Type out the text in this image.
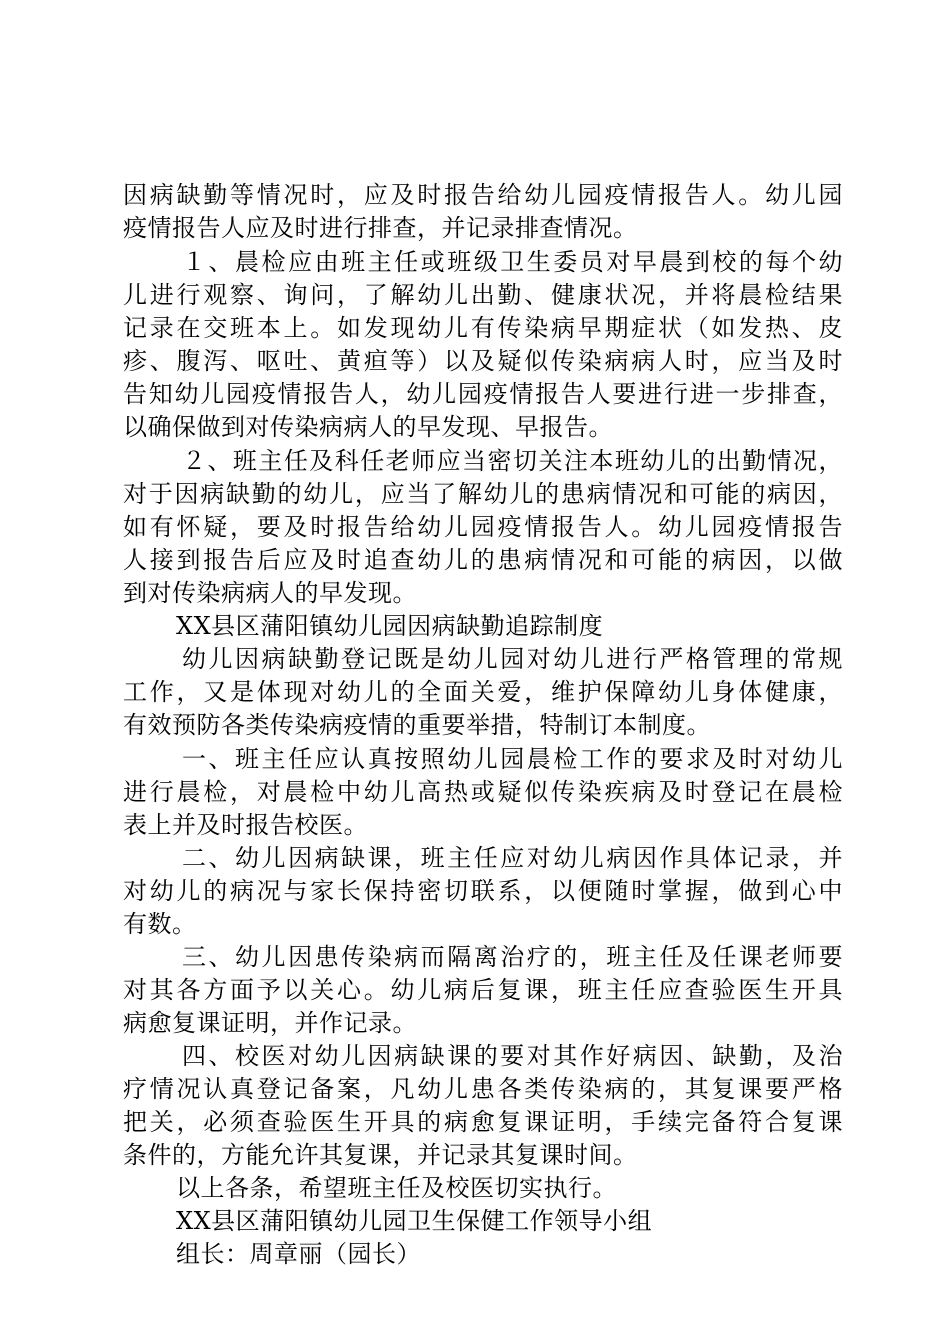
因病缺勤等情况时，应及时报告给幼儿园疫情报告人。幼儿园
疫情报告人应及时进行排查，并记录排查情况。
１、晨检应由班主任或班级卫生委员对早晨到校的每个幼
儿进行观察、询问，了解幼儿出勤、健康状况，并将晨检结果
记录在交班本上。如发现幼儿有传染病早期症状（如发热、皮
疹、腹泻、呕吐、黄疸等）以及疑似传染病病人时，应当及时
告知幼儿园疫情报告人，幼儿园疫情报告人要进行进一步排查，
以确保做到对传染病病人的早发现、早报告。
２、班主任及科任老师应当密切关注本班幼儿的出勤情况，
对于因病缺勤的幼儿，应当了解幼儿的患病情况和可能的病因，
如有怀疑，要及时报告给幼儿园疫情报告人。幼儿园疫情报告
人接到报告后应及时追查幼儿的患病情况和可能的病因，以做
到对传染病病人的早发现。
XX县区蒲阳镇幼儿园因病缺勤追踪制度
幼儿因病缺勤登记既是幼儿园对幼儿进行严格管理的常规
工作，又是体现对幼儿的全面关爱，维护保障幼儿身体健康，
有效预防各类传染病疫情的重要举措，特制订本制度。
一、班主任应认真按照幼儿园晨检工作的要求及时对幼儿
进行晨检，对晨检中幼儿高热或疑似传染疾病及时登记在晨检
表上并及时报告校医。
二、幼儿因病缺课，班主任应对幼儿病因作具体记录，并
对幼儿的病况与家长保持密切联系，以便随时掌握，做到心中
有数。
三、幼儿因患传染病而隔离治疗的，班主任及任课老师要
对其各方面予以关心。幼儿病后复课，班主任应查验医生开具
病愈复课证明，并作记录。
四、校医对幼儿因病缺课的要对其作好病因、缺勤，及治
疗情况认真登记备案，凡幼儿患各类传染病的，其复课要严格
把关，必须查验医生开具的病愈复课证明，手续完备符合复课
条件的，方能允许其复课，并记录其复课时间。
以上各条，希望班主任及校医切实执行。
XX县区蒲阳镇幼儿园卫生保健工作领导小组
组长：周章丽（园长）
